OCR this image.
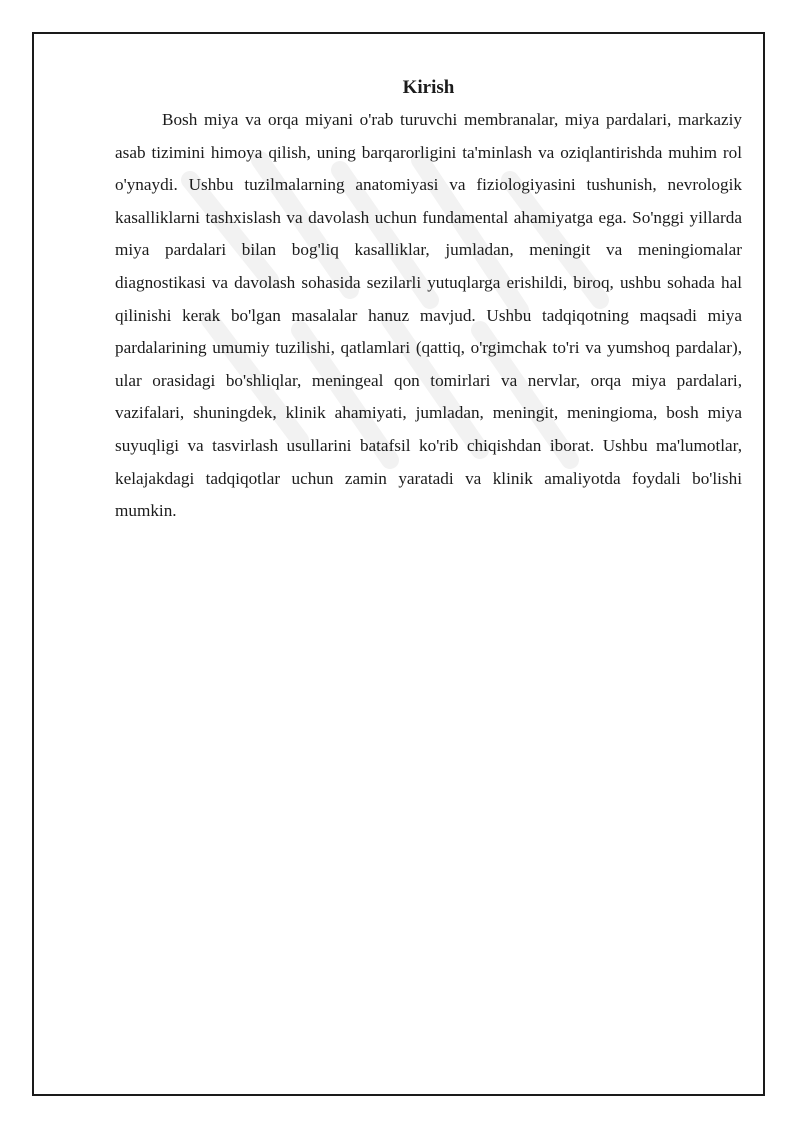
Kirish

Bosh miya va orqa miyani o'rab turuvchi membranalar, miya pardalari, markaziy asab tizimini himoya qilish, uning barqarorligini ta'minlash va oziqlantirishda muhim rol o'ynaydi. Ushbu tuzilmalarning anatomiyasi va fiziologiyasini tushunish, nevrologik kasalliklarni tashxislash va davolash uchun fundamental ahamiyatga ega. So'nggi yillarda miya pardalari bilan bog'liq kasalliklar, jumladan, meningit va meningiomalar diagnostikasi va davolash sohasida sezilarli yutuqlarga erishildi, biroq, ushbu sohada hal qilinishi kerak bo'lgan masalalar hanuz mavjud. Ushbu tadqiqotning maqsadi miya pardalarining umumiy tuzilishi, qatlamlari (qattiq, o'rgimchak to'ri va yumshoq pardalar), ular orasidagi bo'shliqlar, meningeal qon tomirlari va nervlar, orqa miya pardalari, vazifalari, shuningdek, klinik ahamiyati, jumladan, meningit, meningioma, bosh miya suyuqligi va tasvirlash usullarini batafsil ko'rib chiqishdan iborat. Ushbu ma'lumotlar, kelajakdagi tadqiqotlar uchun zamin yaratadi va klinik amaliyotda foydali bo'lishi mumkin.
